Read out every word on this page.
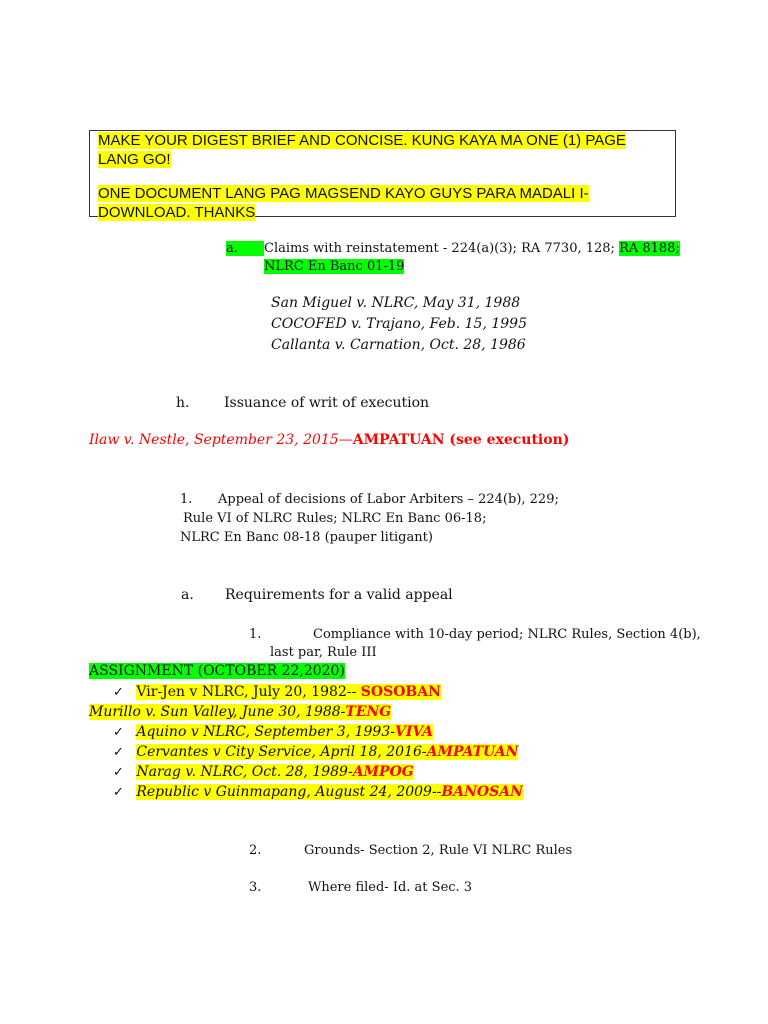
MAKE YOUR DIGEST BRIEF AND CONCISE. KUNG KAYA MA ONE (1) PAGE LANG GO!

ONE DOCUMENT LANG PAG MAGSEND KAYO GUYS PARA MADALI I-DOWNLOAD. THANKS

a. Claims with reinstatement - 224(a)(3); RA 7730, 128; RA 8188;
NLRC En Banc 01-19
San Miguel v. NLRC, May 31, 1988
COCOFED v. Trajano, Feb. 15, 1995
Callanta v. Carnation, Oct. 28, 1986
h. Issuance of writ of execution
Ilaw v. Nestle, September 23, 2015—AMPATUAN (see execution)
1. Appeal of decisions of Labor Arbiters – 224(b), 229;
Rule VI of NLRC Rules; NLRC En Banc 06-18;
NLRC En Banc 08-18 (pauper litigant)
a. Requirements for a valid appeal
1.	Compliance with 10-day period; NLRC Rules, Section 4(b),
last par, Rule III
ASSIGNMENT (OCTOBER 22,2020)
✓ Vir-Jen v NLRC, July 20, 1982-- SOSOBAN
Murillo v. Sun Valley, June 30, 1988-TENG
✓ Aquino v NLRC, September 3, 1993-VIVA
✓ Cervantes v City Service, April 18, 2016-AMPATUAN
✓ Narag v. NLRC, Oct. 28, 1989-AMPOG
✓ Republic v Guinmapang, August 24, 2009--BANOSAN
2.	Grounds- Section 2, Rule VI NLRC Rules
3.	Where filed- Id. at Sec. 3
